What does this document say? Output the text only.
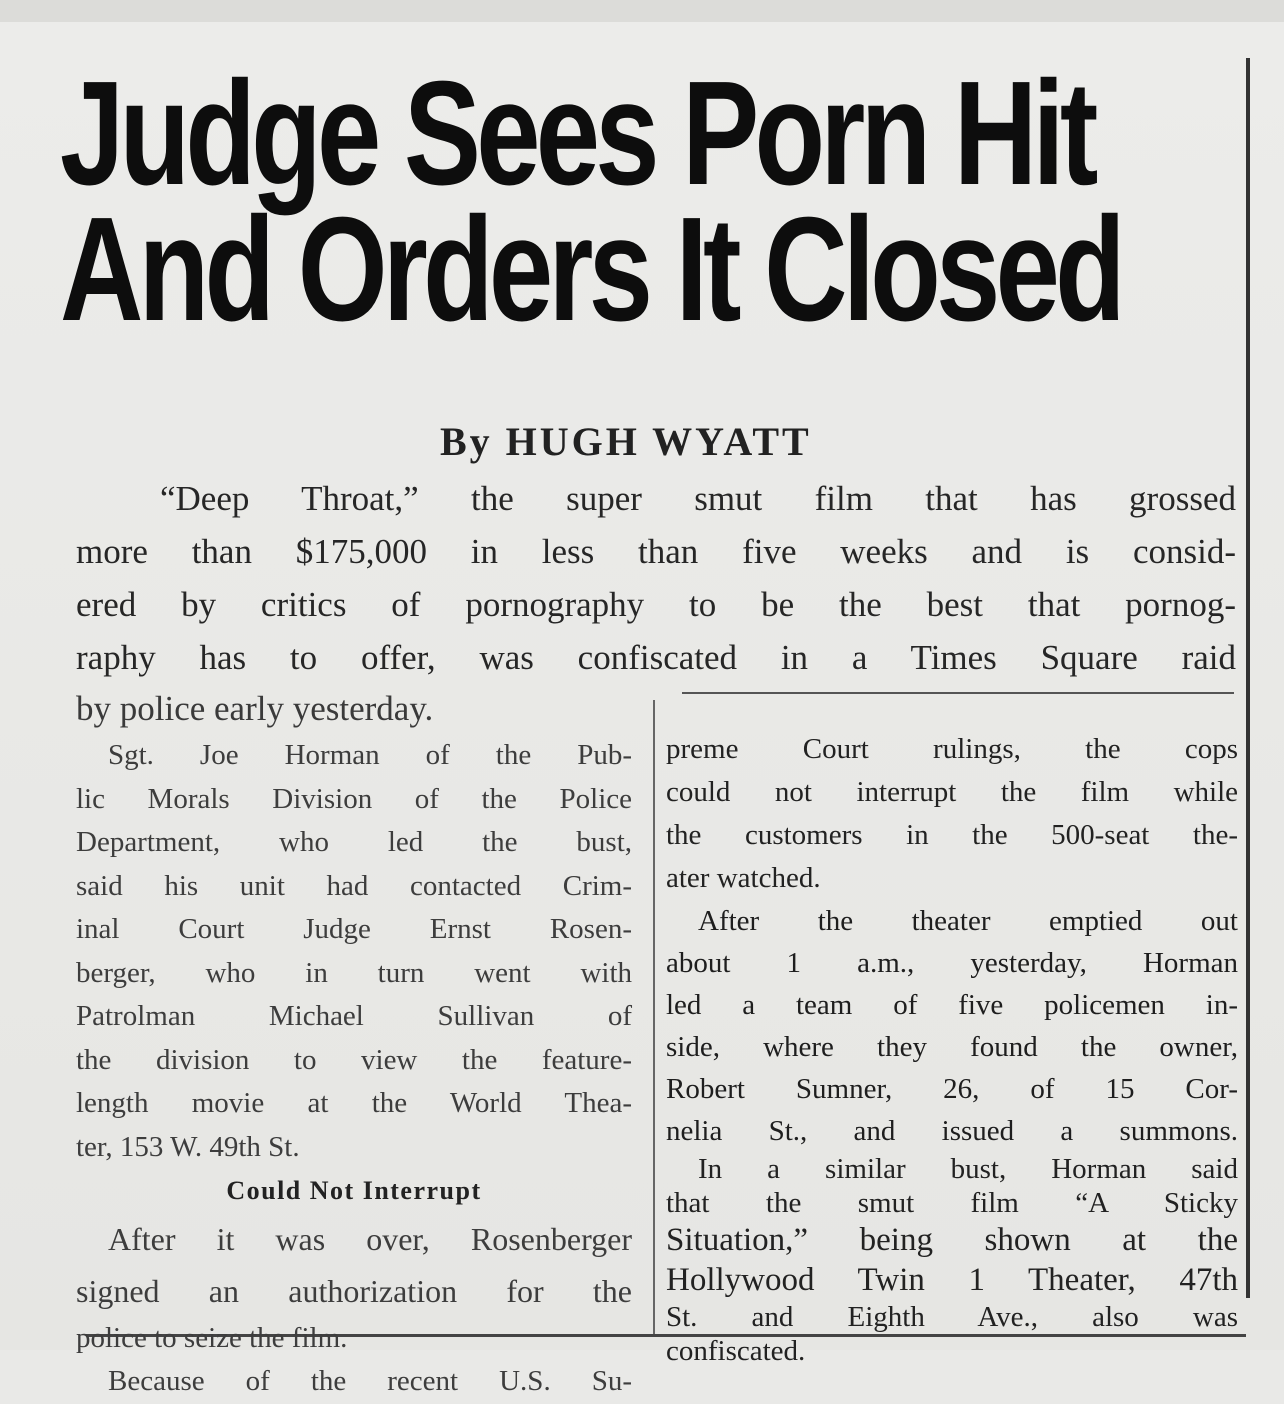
Judge Sees Porn Hit
And Orders It Closed
By HUGH WYATT
“Deep Throat,” the super smut film that has grossed
more than $175,000 in less than five weeks and is consid-
ered by critics of pornography to be the best that pornog-
raphy has to offer, was confiscated in a Times Square raid
by police early yesterday.

Sgt. Joe Horman of the Pub-
lic Morals Division of the Police
Department, who led the bust,
said his unit had contacted Crim-
inal Court Judge Ernst Rosen-
berger, who in turn went with
Patrolman Michael Sullivan of
the division to view the feature-
length movie at the World Thea-
ter, 153 W. 49th St.

Could Not Interrupt

After it was over, Rosenberger
signed an authorization for the
police to seize the film.

Because of the recent U.S. Su-

preme Court rulings, the cops
could not interrupt the film while
the customers in the 500-seat the-
ater watched.

After the theater emptied out
about 1 a.m., yesterday, Horman
led a team of five policemen in-
side, where they found the owner,
Robert Sumner, 26, of 15 Cor-
nelia St., and issued a summons.

In a similar bust, Horman said
that the smut film “A Sticky
Situation,” being shown at the
Hollywood Twin 1 Theater, 47th
St. and Eighth Ave., also was
confiscated.
